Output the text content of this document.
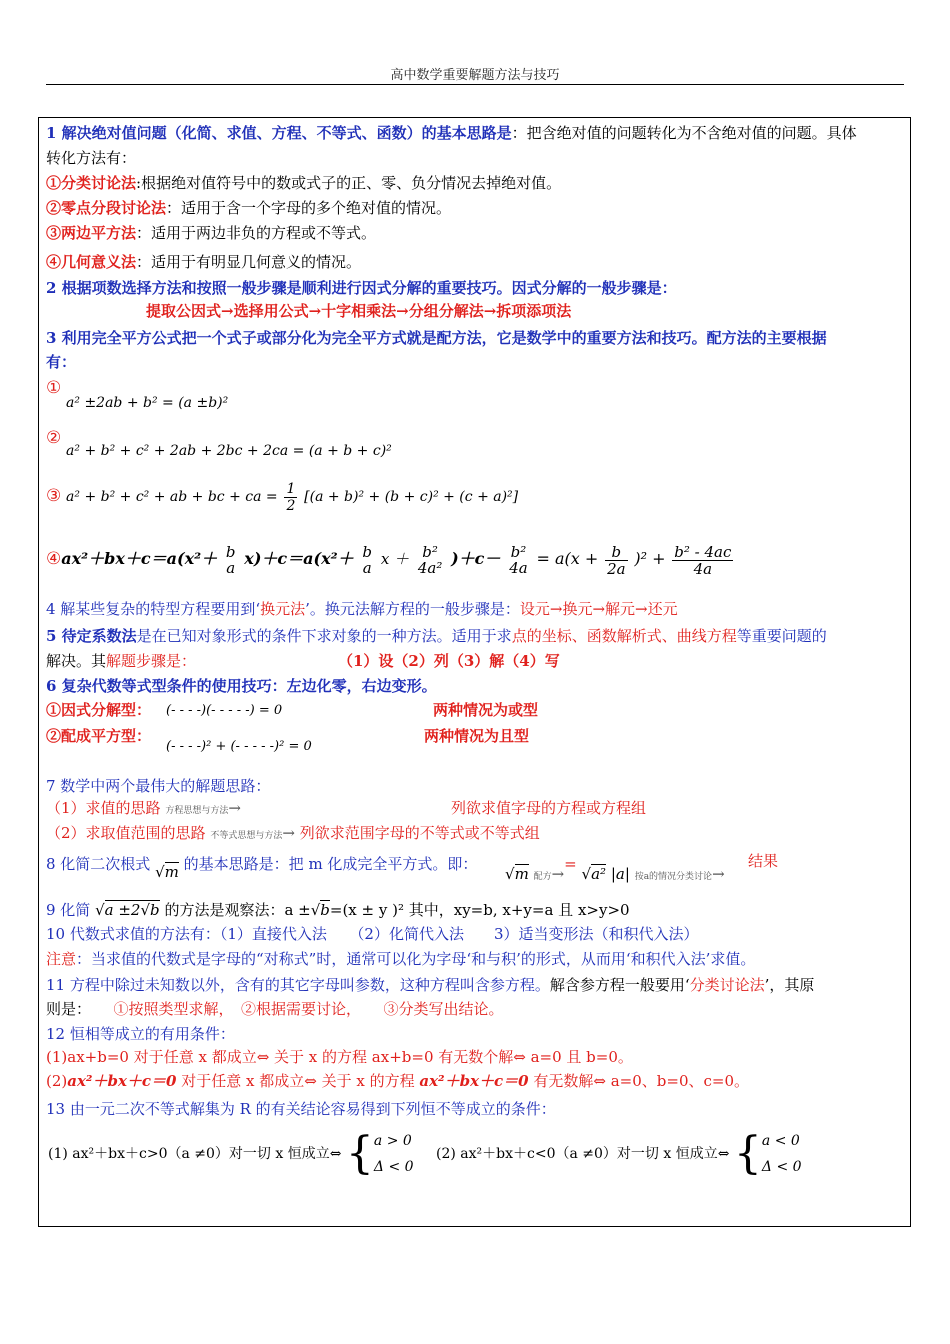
高中数学重要解题方法与技巧
1 解决绝对值问题（化简、求值、方程、不等式、函数）的基本思路是：把含绝对值的问题转化为不含绝对值的问题。具体
转化方法有：
①分类讨论法:根据绝对值符号中的数或式子的正、零、负分情况去掉绝对值。
②零点分段讨论法：适用于含一个字母的多个绝对值的情况。
③两边平方法：适用于两边非负的方程或不等式。
④几何意义法：适用于有明显几何意义的情况。
2 根据项数选择方法和按照一般步骤是顺利进行因式分解的重要技巧。因式分解的一般步骤是：
提取公因式→选择用公式→十字相乘法→分组分解法→拆项添项法
3 利用完全平方公式把一个式子或部分化为完全平方式就是配方法，它是数学中的重要方法和技巧。配方法的主要根据
有：
① a² ±2ab + b² = (a ±b)²
② a² + b² + c² + 2ab + 2bc + 2ca = (a + b + c)²
③ a² + b² + c² + ab + bc + ca = $\frac{1}{2} [(a + b)^2 + (b + c)^2 + (c + a)^2]$
④ax²＋bx＋c＝a(x²＋ b
a x)＋c＝a(x²＋ b
a x ＋ b²
4a² )＋c－ b²
$4a = a(x + \frac{b}{2a} )^2 + \frac{\text{b² - 4ac}}{4a}$
4 解某些复杂的特型方程要用到‘换元法’。换元法解方程的一般步骤是：设元→换元→解元→还元
5 待定系数法是在已知对象形式的条件下求对象的一种方法。适用于求点的坐标、函数解析式、曲线方程等重要问题的
解决。其解题步骤是：	（1）设（2）列（3）解（4）写
6 复杂代数等式型条件的使用技巧：左边化零，右边变形。
①因式分解型： (- - - -)(- - - - -) = 0	两种情况为或型
②配成平方型：
(- - - -)² + (- - - - -)² = 0
两种情况为且型
7 数学中两个最伟大的解题思路：
（1）求值的思路 方程思想与方法→	列欲求值字母的方程或方程组
（2）求取值范围的思路 不等式思想与方法→ 列欲求范围字母的不等式或不等式组
8 化简二次根式 √m 的基本思路是：把 m 化成完全平方式。即：
√m 配方→= √a² |a| 按a的情况分类讨论→
结果
9 化简 √a ±2√b 的方法是观察法：a ±√b=(x ± y )² 其中，xy=b, x+y=a 且 x>y>0
10 代数式求值的方法有：（1）直接代入法　　（2）化简代入法　　3）适当变形法（和积代入法）
注意：当求值的代数式是字母的“对称式”时，通常可以化为字母‘和与积’的形式，从而用‘和积代入法’求值。
11 方程中除过未知数以外，含有的其它字母叫参数，这种方程叫含参方程。解含参方程一般要用‘分类讨论法’，其原
则是：　　 ①按照类型求解，　②根据需要讨论，　　③分类写出结论。
12 恒相等成立的有用条件：
(1)ax+b=0 对于任意 x 都成立⇔ 关于 x 的方程 ax+b=0 有无数个解⇔ a=0 且 b=0。
(2)ax²＋bx＋c＝0 对于任意 x 都成立⇔ 关于 x 的方程 ax²＋bx＋c＝0 有无数解⇔ a=0、b=0、c=0。
13 由一元二次不等式解集为 R 的有关结论容易得到下列恒不等成立的条件：
(1) ax²＋bx＋c>0（a ≠0）对一切 x 恒成立⇔ { a > 0
Δ < 0
(2) ax²＋bx＋c<0（a ≠0）对一切 x 恒成立⇔ { a < 0
Δ < 0
